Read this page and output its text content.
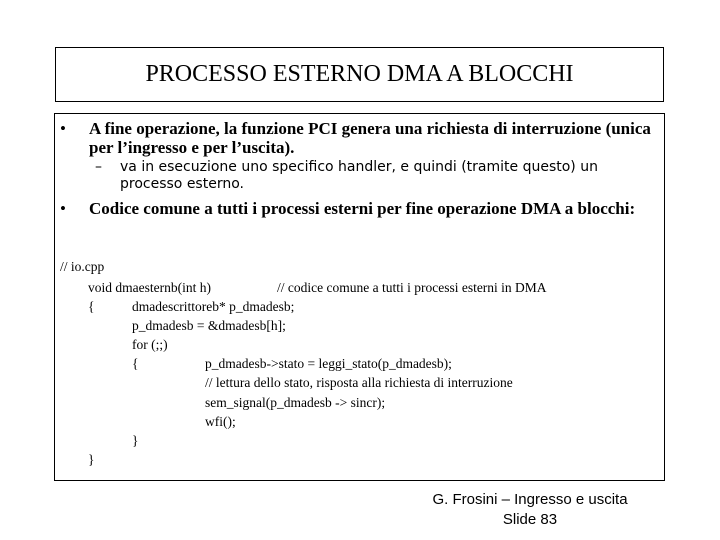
PROCESSO ESTERNO DMA A BLOCCHI
• A fine operazione, la funzione PCI genera una richiesta di interruzione (unica per l’ingresso e per l’uscita).
– va in esecuzione uno specifico handler, e quindi (tramite questo) un processo esterno.
• Codice comune a tutti i processi esterni per fine operazione DMA a blocchi:
// io.cpp
void dmaesternb(int h)	// codice comune a tutti i processi esterni in DMA
{	dmadescrittoreb* p_dmadesb;
p_dmadesb = &dmadesb[h];
for (;;)
{	p_dmadesb->stato = leggi_stato(p_dmadesb);
// lettura dello stato, risposta alla richiesta di interruzione
sem_signal(p_dmadesb -> sincr);
wfi();
}
}
G. Frosini – Ingresso e uscita
Slide 83
